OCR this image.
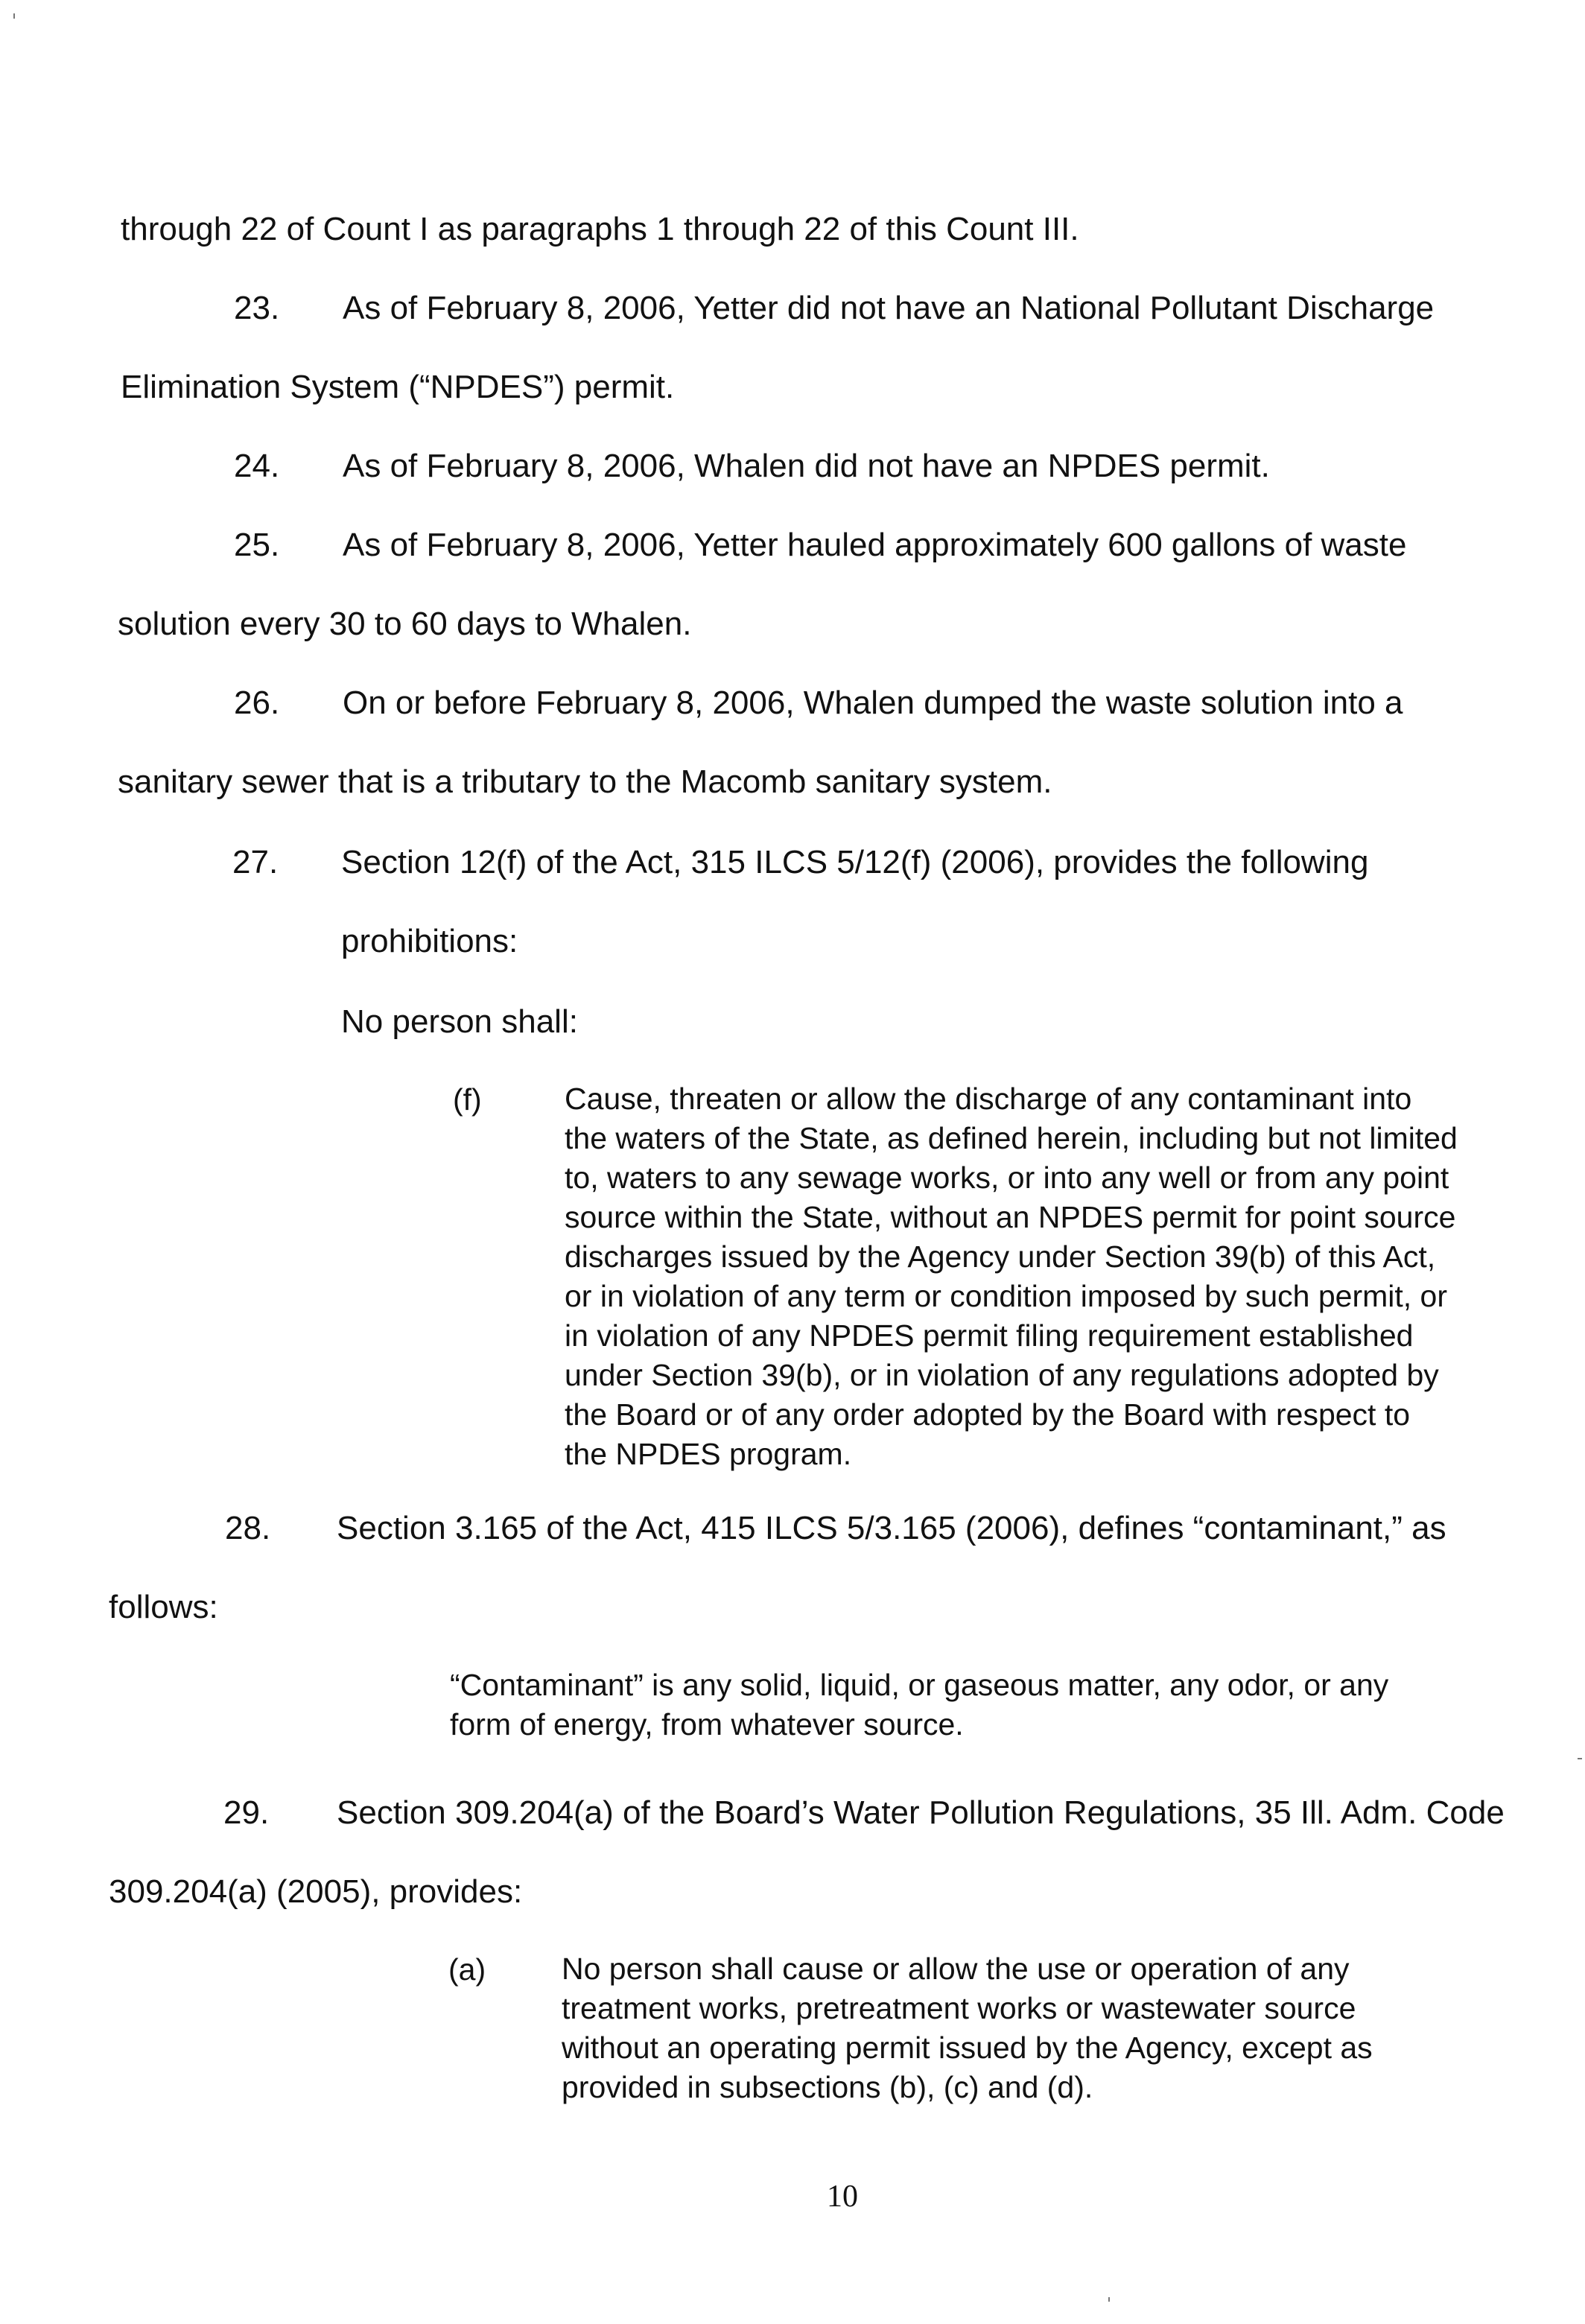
through 22 of Count I as paragraphs 1 through 22 of this Count III.
23. As of February 8, 2006, Yetter did not have an National Pollutant Discharge
Elimination System (“NPDES”) permit.
24. As of February 8, 2006, Whalen did not have an NPDES permit.
25. As of February 8, 2006, Yetter hauled approximately 600 gallons of waste
solution every 30 to 60 days to Whalen.
26. On or before February 8, 2006, Whalen dumped the waste solution into a
sanitary sewer that is a tributary to the Macomb sanitary system.
27. Section 12(f) of the Act, 315 ILCS 5/12(f) (2006), provides the following
prohibitions:
No person shall:
(f)	Cause, threaten or allow the discharge of any contaminant into
the waters of the State, as defined herein, including but not limited
to, waters to any sewage works, or into any well or from any point
source within the State, without an NPDES permit for point source
discharges issued by the Agency under Section 39(b) of this Act,
or in violation of any term or condition imposed by such permit, or
in violation of any NPDES permit filing requirement established
under Section 39(b), or in violation of any regulations adopted by
the Board or of any order adopted by the Board with respect to
the NPDES program.
28. Section 3.165 of the Act, 415 ILCS 5/3.165 (2006), defines “contaminant,” as
follows:
“Contaminant” is any solid, liquid, or gaseous matter, any odor, or any
form of energy, from whatever source.
29. Section 309.204(a) of the Board’s Water Pollution Regulations, 35 Ill. Adm. Code
309.204(a) (2005), provides:
(a) No person shall cause or allow the use or operation of any
treatment works, pretreatment works or wastewater source
without an operating permit issued by the Agency, except as
provided in subsections (b), (c) and (d).
10
